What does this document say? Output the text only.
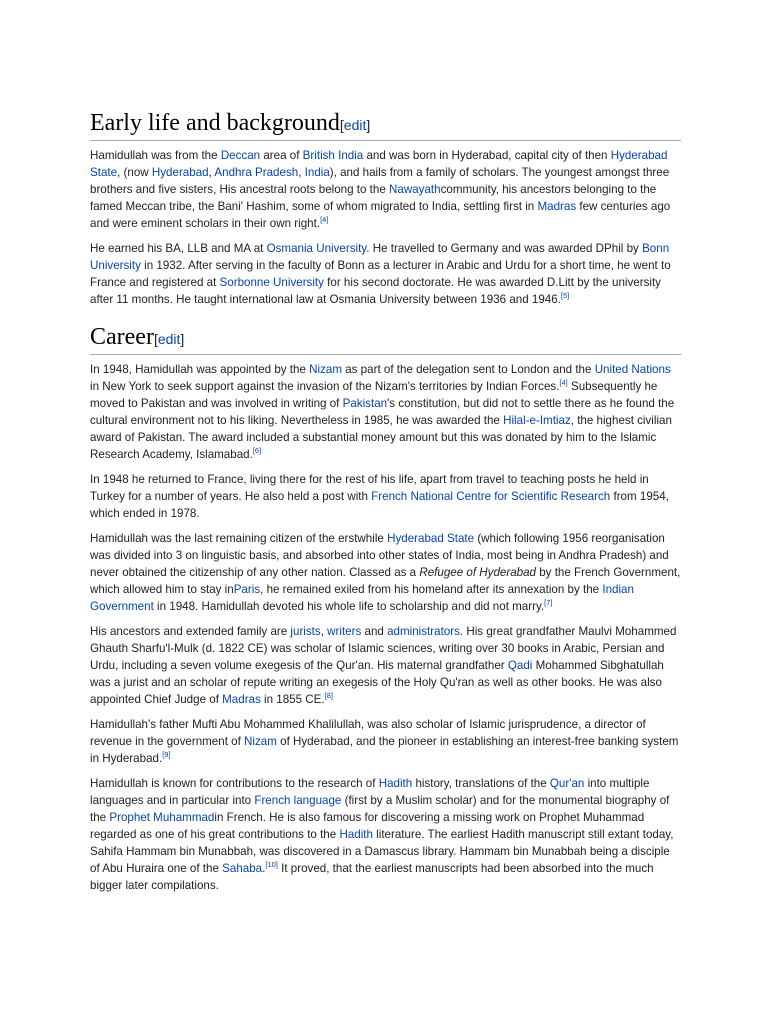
Early life and background[edit]

Hamidullah was from the Deccan area of British India and was born in Hyderabad, capital city of then Hyderabad State, (now Hyderabad, Andhra Pradesh, India), and hails from a family of scholars. The youngest amongst three brothers and five sisters, His ancestral roots belong to the Nawayathcommunity, his ancestors belonging to the famed Meccan tribe, the Bani' Hashim, some of whom migrated to India, settling first in Madras few centuries ago and were eminent scholars in their own right.[4]

He earned his BA, LLB and MA at Osmania University. He travelled to Germany and was awarded DPhil by Bonn University in 1932. After serving in the faculty of Bonn as a lecturer in Arabic and Urdu for a short time, he went to France and registered at Sorbonne University for his second doctorate. He was awarded D.Litt by the university after 11 months. He taught international law at Osmania University between 1936 and 1946.[5]

Career[edit]

In 1948, Hamidullah was appointed by the Nizam as part of the delegation sent to London and the United Nations in New York to seek support against the invasion of the Nizam's territories by Indian Forces.[4] Subsequently he moved to Pakistan and was involved in writing of Pakistan's constitution, but did not to settle there as he found the cultural environment not to his liking. Nevertheless in 1985, he was awarded the Hilal-e-Imtiaz, the highest civilian award of Pakistan. The award included a substantial money amount but this was donated by him to the Islamic Research Academy, Islamabad.[6]

In 1948 he returned to France, living there for the rest of his life, apart from travel to teaching posts he held in Turkey for a number of years. He also held a post with French National Centre for Scientific Research from 1954, which ended in 1978.

Hamidullah was the last remaining citizen of the erstwhile Hyderabad State (which following 1956 reorganisation was divided into 3 on linguistic basis, and absorbed into other states of India, most being in Andhra Pradesh) and never obtained the citizenship of any other nation. Classed as a Refugee of Hyderabad by the French Government, which allowed him to stay inParis, he remained exiled from his homeland after its annexation by the Indian Government in 1948. Hamidullah devoted his whole life to scholarship and did not marry.[7]

His ancestors and extended family are jurists, writers and administrators. His great grandfather Maulvi Mohammed Ghauth Sharfu'l-Mulk (d. 1822 CE) was scholar of Islamic sciences, writing over 30 books in Arabic, Persian and Urdu, including a seven volume exegesis of the Qur'an. His maternal grandfather Qadi Mohammed Sibghatullah was a jurist and an scholar of repute writing an exegesis of the Holy Qu'ran as well as other books. He was also appointed Chief Judge of Madras in 1855 CE.[8]

Hamidullah's father Mufti Abu Mohammed Khalilullah, was also scholar of Islamic jurisprudence, a director of revenue in the government of Nizam of Hyderabad, and the pioneer in establishing an interest-free banking system in Hyderabad.[9]

Hamidullah is known for contributions to the research of Hadith history, translations of the Qur'an into multiple languages and in particular into French language (first by a Muslim scholar) and for the monumental biography of the Prophet Muhammadin French. He is also famous for discovering a missing work on Prophet Muhammad regarded as one of his great contributions to the Hadith literature. The earliest Hadith manuscript still extant today, Sahifa Hammam bin Munabbah, was discovered in a Damascus library. Hammam bin Munabbah being a disciple of Abu Huraira one of the Sahaba.[10] It proved, that the earliest manuscripts had been absorbed into the much bigger later compilations.
